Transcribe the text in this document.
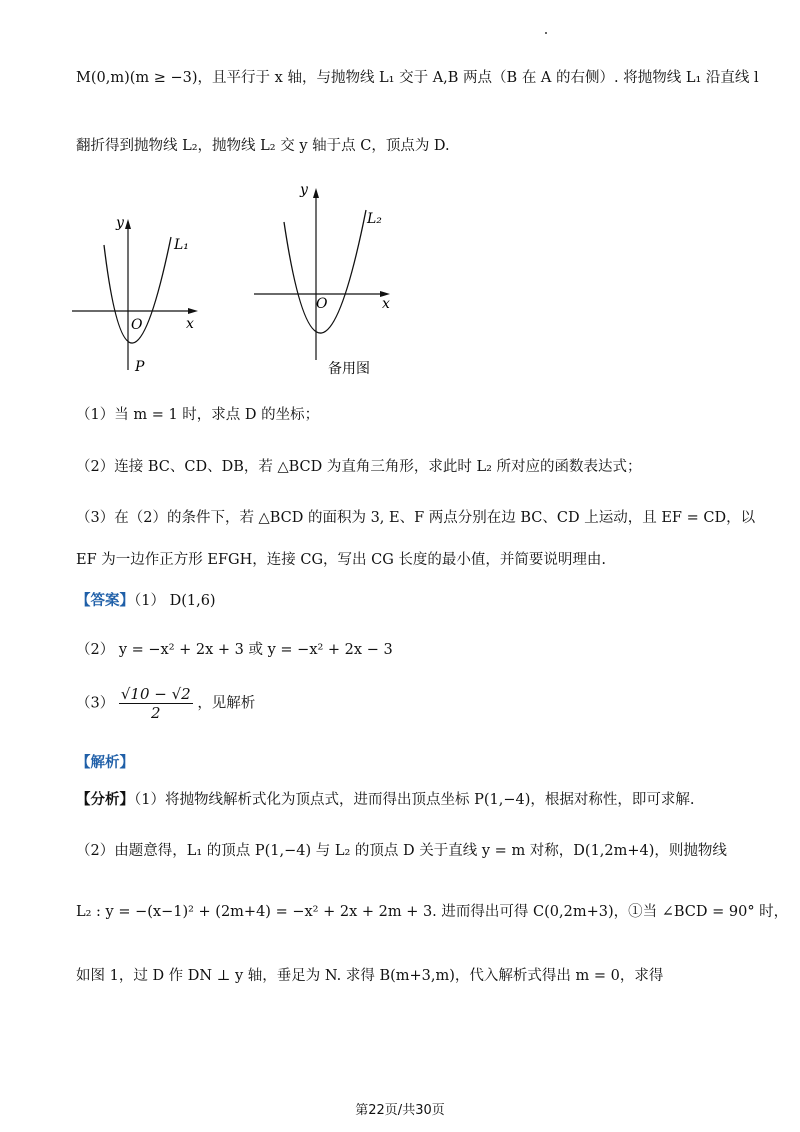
M(0,m)(m ≥ −3)，且平行于 x 轴，与抛物线 L₁ 交于 A,B 两点（B 在 A 的右侧）. 将抛物线 L₁ 沿直线 l
翻折得到抛物线 L₂，抛物线 L₂ 交 y 轴于点 C，顶点为 D.
y
x
O
L₁
P
y
x
O
L₂
备用图
（1）当 m = 1 时，求点 D 的坐标；
（2）连接 BC、CD、DB，若 △BCD 为直角三角形，求此时 L₂ 所对应的函数表达式；
（3）在（2）的条件下，若 △BCD 的面积为 3, E、F 两点分别在边 BC、CD 上运动，且 EF = CD，以
EF 为一边作正方形 EFGH，连接 CG，写出 CG 长度的最小值，并简要说明理由.
【答案】（1） D(1,6)
（2） y = −x² + 2x + 3 或 y = −x² + 2x − 3
$(3) \frac{√10 - √2}{2}$ ，见解析
【解析】
【分析】（1）将抛物线解析式化为顶点式，进而得出顶点坐标 P(1,−4)，根据对称性，即可求解.
（2）由题意得，L₁ 的顶点 P(1,−4) 与 L₂ 的顶点 D 关于直线 y = m 对称，D(1,2m+4)，则抛物线
L₂ : y = −(x−1)² + (2m+4) = −x² + 2x + 2m + 3. 进而得出可得 C(0,2m+3)，①当 ∠BCD = 90° 时，
如图 1，过 D 作 DN ⊥ y 轴，垂足为 N. 求得 B(m+3,m)，代入解析式得出 m = 0，求得
第22页/共30页
